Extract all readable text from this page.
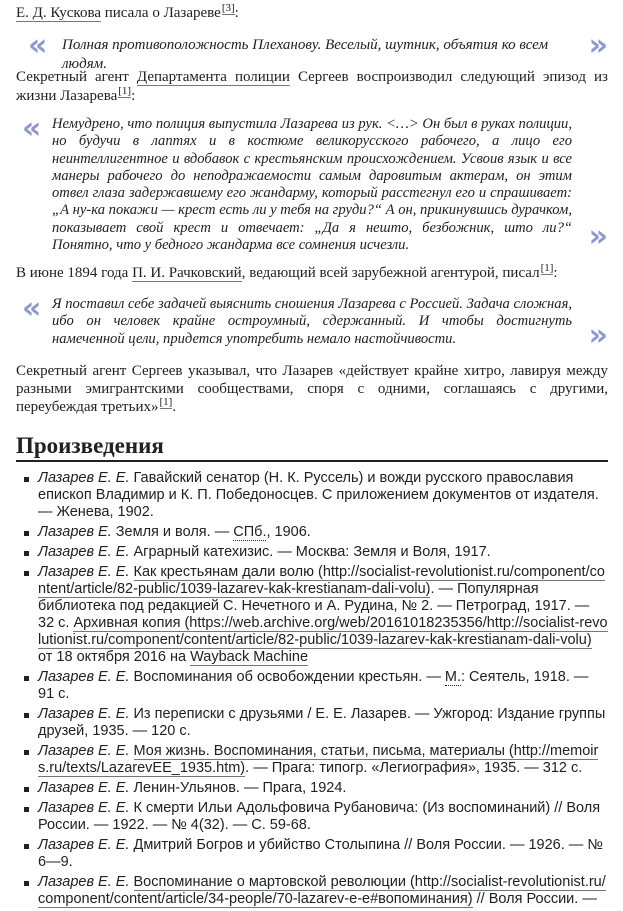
Е. Д. Кускова писала о Лазареве[3]:
« Полная противоположность Плеханову. Веселый, шутник, объятия ко всем людям.
»
Секретный агент Департамента полиции Сергеев воспроизводил следующий эпизод из жизни Лазарева[1]:
« Немудрено, что полиция выпустила Лазарева из рук. <…> Он был в руках полиции, но будучи в лаптях и в костюме великорусского рабочего, а лицо его неинтеллигентное и вдобавок с крестьянским происхождением. Усвоив язык и все манеры рабочего до неподражаемости самым даровитым актерам, он этим отвел глаза задержавшему его жандарму, который расстегнул его и спрашивает: „А ну-ка покажи — крест есть ли у тебя на груди?“ А он, прикинувшись дурачком, показывает свой крест и отвечает: „Да я нешто, безбожник, што ли?“ Понятно, что у бедного жандарма все сомнения исчезли.	»
В июне 1894 года П. И. Рачковский, ведающий всей зарубежной агентурой, писал[1]:
« Я поставил себе задачей выяснить сношения Лазарева с Россией. Задача сложная, ибо он человек крайне остроумный, сдержанный. И чтобы достигнуть намеченной цели, придется употребить немало настойчивости.	»
Секретный агент Сергеев указывал, что Лазарев «действует крайне хитро, лавируя между разными эмигрантскими сообществами, споря с одними, соглашаясь с другими, переубеждая третьих»[1].
Произведения
Лазарев Е. Е. Гавайский сенатор (Н. К. Руссель) и вожди русского православия епископ Владимир и К. П. Победоносцев. С приложением документов от издателя. — Женева, 1902.
Лазарев Е. Земля и воля. — СПб., 1906.
Лазарев Е. Е. Аграрный катехизис. — Москва: Земля и Воля, 1917.
Лазарев Е. Е. Как крестьянам дали волю (http://socialist-revolutionist.ru/component/content/article/82-public/1039-lazarev-kak-krestianam-dali-volu). — Популярная библиотека под редакцией С. Нечетного и А. Рудина, № 2. — Петроград, 1917. — 32 с. Архивная копия (https://web.archive.org/web/20161018235356/http://socialist-revolutionist.ru/component/content/article/82-public/1039-lazarev-kak-krestianam-dali-volu) от 18 октября 2016 на Wayback Machine
Лазарев Е. Е. Воспоминания об освобождении крестьян. — М.: Сеятель, 1918. — 91 с.
Лазарев Е. Е. Из переписки с друзьями / Е. Е. Лазарев. — Ужгород: Издание группы друзей, 1935. — 120 с.
Лазарев Е. Е. Моя жизнь. Воспоминания, статьи, письма, материалы (http://memoirs.ru/texts/LazarevEE_1935.htm). — Прага: типогр. «Легиография», 1935. — 312 с.
Лазарев Е. Е. Ленин-Ульянов. — Прага, 1924.
Лазарев Е. Е. К смерти Ильи Адольфовича Рубановича: (Из воспоминаний) // Воля России. — 1922. — № 4(32). — С. 59-68.
Лазарев Е. Е. Дмитрий Богров и убийство Столыпина // Воля России. — 1926. — № 6—9.
Лазарев Е. Е. Воспоминание о мартовской революции (http://socialist-revolutionist.ru/component/content/article/34-people/70-lazarev-e-e#вопоминания) // Воля России. —
